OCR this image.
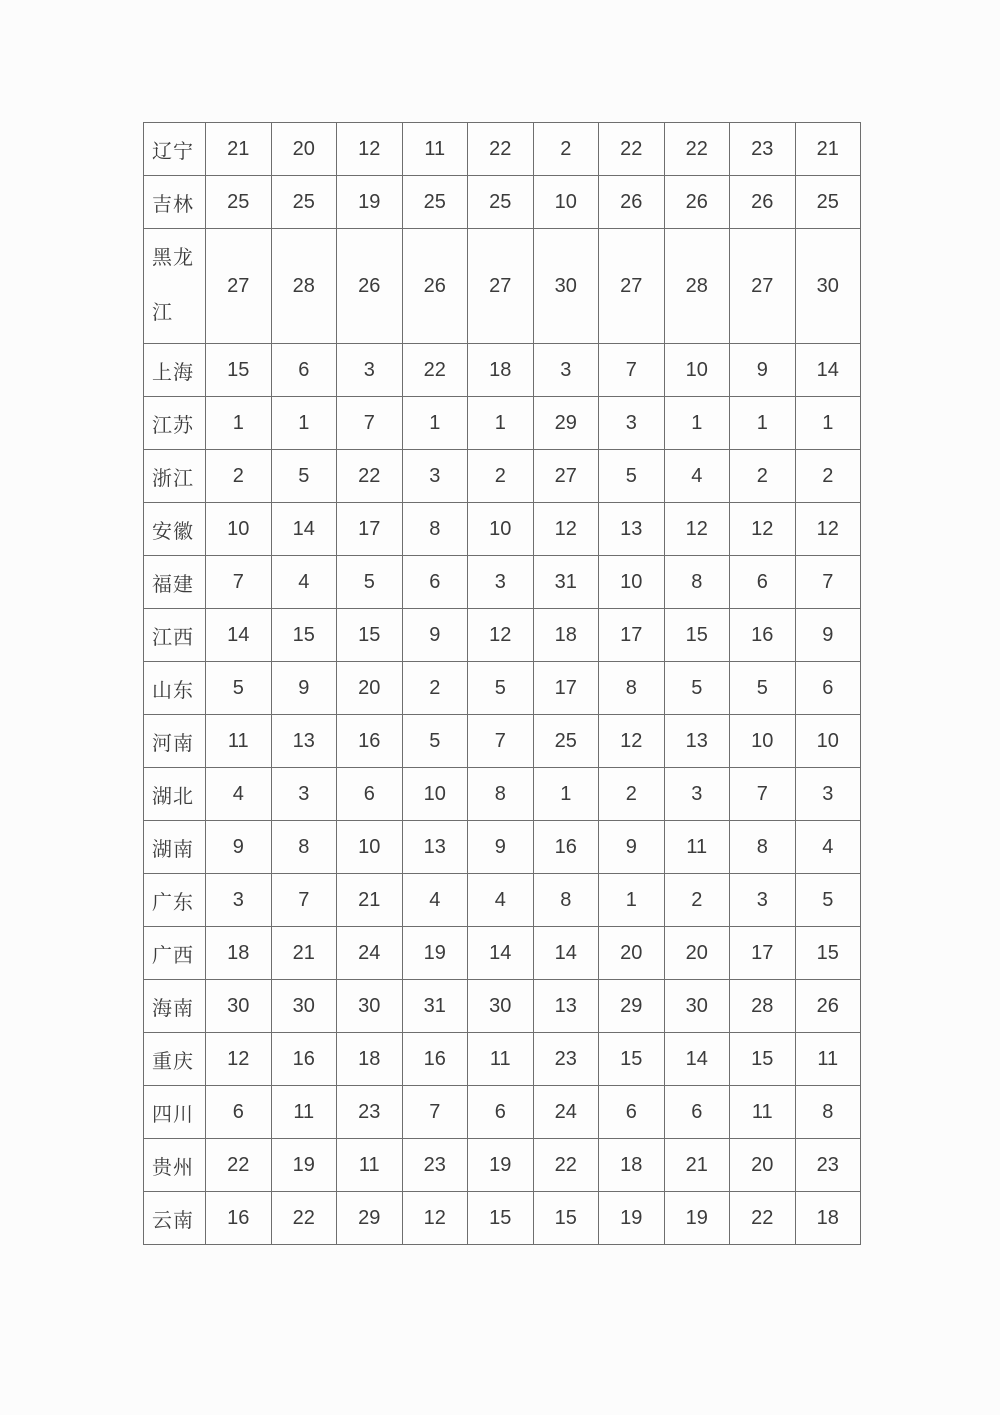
辽宁	21	20	12	11	22	2	22	22	23	21
吉林	25	25	19	25	25	10	26	26	26	25
黑龙江	27	28	26	26	27	30	27	28	27	30
上海	15	6	3	22	18	3	7	10	9	14
江苏	1	1	7	1	1	29	3	1	1	1
浙江	2	5	22	3	2	27	5	4	2	2
安徽	10	14	17	8	10	12	13	12	12	12
福建	7	4	5	6	3	31	10	8	6	7
江西	14	15	15	9	12	18	17	15	16	9
山东	5	9	20	2	5	17	8	5	5	6
河南	11	13	16	5	7	25	12	13	10	10
湖北	4	3	6	10	8	1	2	3	7	3
湖南	9	8	10	13	9	16	9	11	8	4
广东	3	7	21	4	4	8	1	2	3	5
广西	18	21	24	19	14	14	20	20	17	15
海南	30	30	30	31	30	13	29	30	28	26
重庆	12	16	18	16	11	23	15	14	15	11
四川	6	11	23	7	6	24	6	6	11	8
贵州	22	19	11	23	19	22	18	21	20	23
云南	16	22	29	12	15	15	19	19	22	18
